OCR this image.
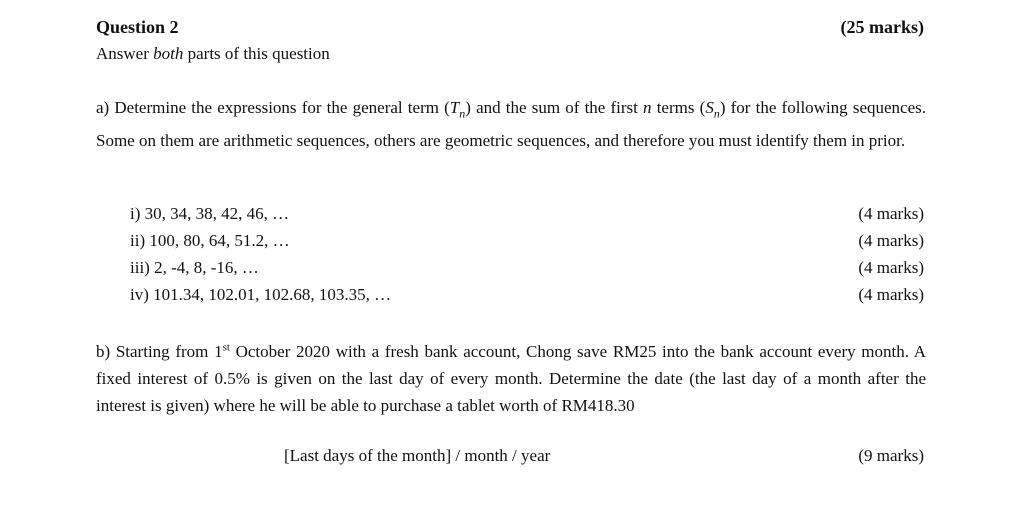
Question 2	(25 marks)
Answer both parts of this question
a) Determine the expressions for the general term $(T_n)$ and the sum of the first n terms $(S_n)$ for the following sequences. Some on them are arithmetic sequences, others are geometric sequences, and therefore you must identify them in prior.
i) 30, 34, 38, 42, 46, …	(4 marks)
ii) 100, 80, 64, 51.2, …	(4 marks)
iii) 2, -4, 8, -16, …	(4 marks)
iv) 101.34, 102.01, 102.68, 103.35, …	(4 marks)
b) Starting from 1st October 2020 with a fresh bank account, Chong save RM25 into the bank account every month. A fixed interest of 0.5% is given on the last day of every month. Determine the date (the last day of a month after the interest is given) where he will be able to purchase a tablet worth of RM418.30
[Last days of the month] / month / year	(9 marks)
